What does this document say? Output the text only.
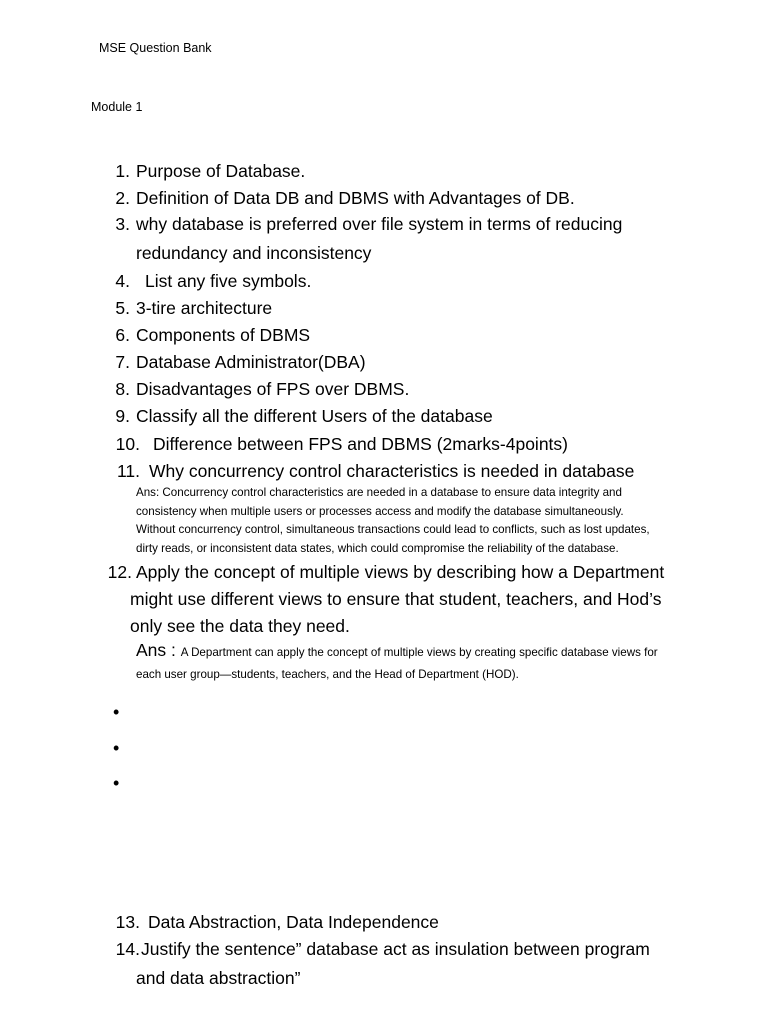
MSE Question Bank
Module 1
1. Purpose of Database.
2. Definition of Data DB and DBMS with Advantages of DB.
3. why database is preferred over file system in terms of reducing
redundancy and inconsistency
4. List any five symbols.
5. 3-tire architecture
6. Components of DBMS
7. Database Administrator(DBA)
8. Disadvantages of FPS over DBMS.
9. Classify all the different Users of the database
10. Difference between FPS and DBMS (2marks-4points)
11. Why concurrency control characteristics is needed in database
Ans: Concurrency control characteristics are needed in a database to ensure data integrity and
consistency when multiple users or processes access and modify the database simultaneously.
Without concurrency control, simultaneous transactions could lead to conflicts, such as lost updates,
dirty reads, or inconsistent data states, which could compromise the reliability of the database.
12. Apply the concept of multiple views by describing how a Department
might use different views to ensure that student, teachers, and Hod’s
only see the data they need.
Ans : A Department can apply the concept of multiple views by creating specific database views for
each user group—students, teachers, and the Head of Department (HOD).
•
•
•
13. Data Abstraction, Data Independence
14. Justify the sentence” database act as insulation between program
and data abstraction”
